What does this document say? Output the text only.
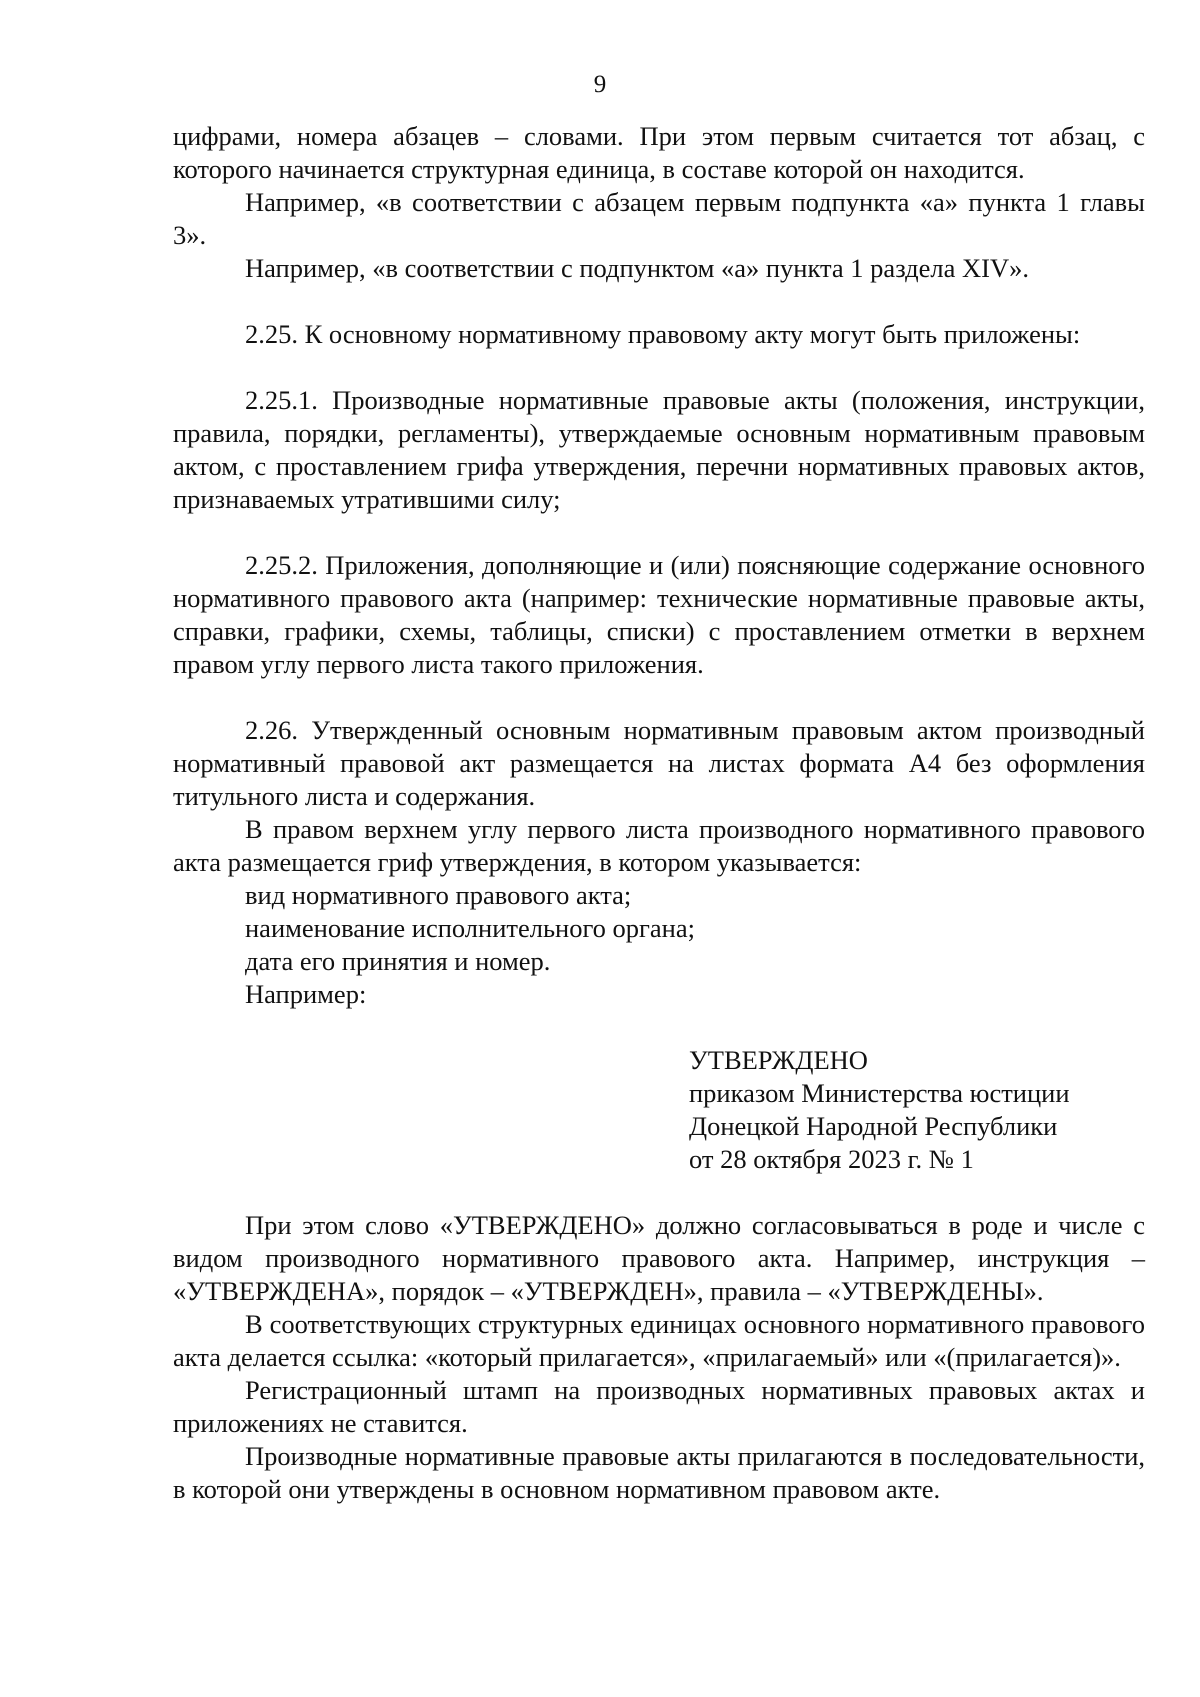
9

цифрами, номера абзацев – словами. При этом первым считается тот абзац, с которого начинается структурная единица, в составе которой он находится.

Например, «в соответствии с абзацем первым подпункта «а» пункта 1 главы 3».

Например, «в соответствии с подпунктом «а» пункта 1 раздела XIV».

2.25. К основному нормативному правовому акту могут быть приложены:

2.25.1. Производные нормативные правовые акты (положения, инструкции, правила, порядки, регламенты), утверждаемые основным нормативным правовым актом, с проставлением грифа утверждения, перечни нормативных правовых актов, признаваемых утратившими силу;

2.25.2. Приложения, дополняющие и (или) поясняющие содержание основного нормативного правового акта (например: технические нормативные правовые акты, справки, графики, схемы, таблицы, списки) с проставлением отметки в верхнем правом углу первого листа такого приложения.

2.26. Утвержденный основным нормативным правовым актом производный нормативный правовой акт размещается на листах формата А4 без оформления титульного листа и содержания.

В правом верхнем углу первого листа производного нормативного правового акта размещается гриф утверждения, в котором указывается:

вид нормативного правового акта;

наименование исполнительного органа;

дата его принятия и номер.

Например:

УТВЕРЖДЕНО
приказом Министерства юстиции
Донецкой Народной Республики
от 28 октября 2023 г. № 1

При этом слово «УТВЕРЖДЕНО» должно согласовываться в роде и числе с видом производного нормативного правового акта. Например, инструкция – «УТВЕРЖДЕНА», порядок – «УТВЕРЖДЕН», правила – «УТВЕРЖДЕНЫ».

В соответствующих структурных единицах основного нормативного правового акта делается ссылка: «который прилагается», «прилагаемый» или «(прилагается)».

Регистрационный штамп на производных нормативных правовых актах и приложениях не ставится.

Производные нормативные правовые акты прилагаются в последовательности, в которой они утверждены в основном нормативном правовом акте.
